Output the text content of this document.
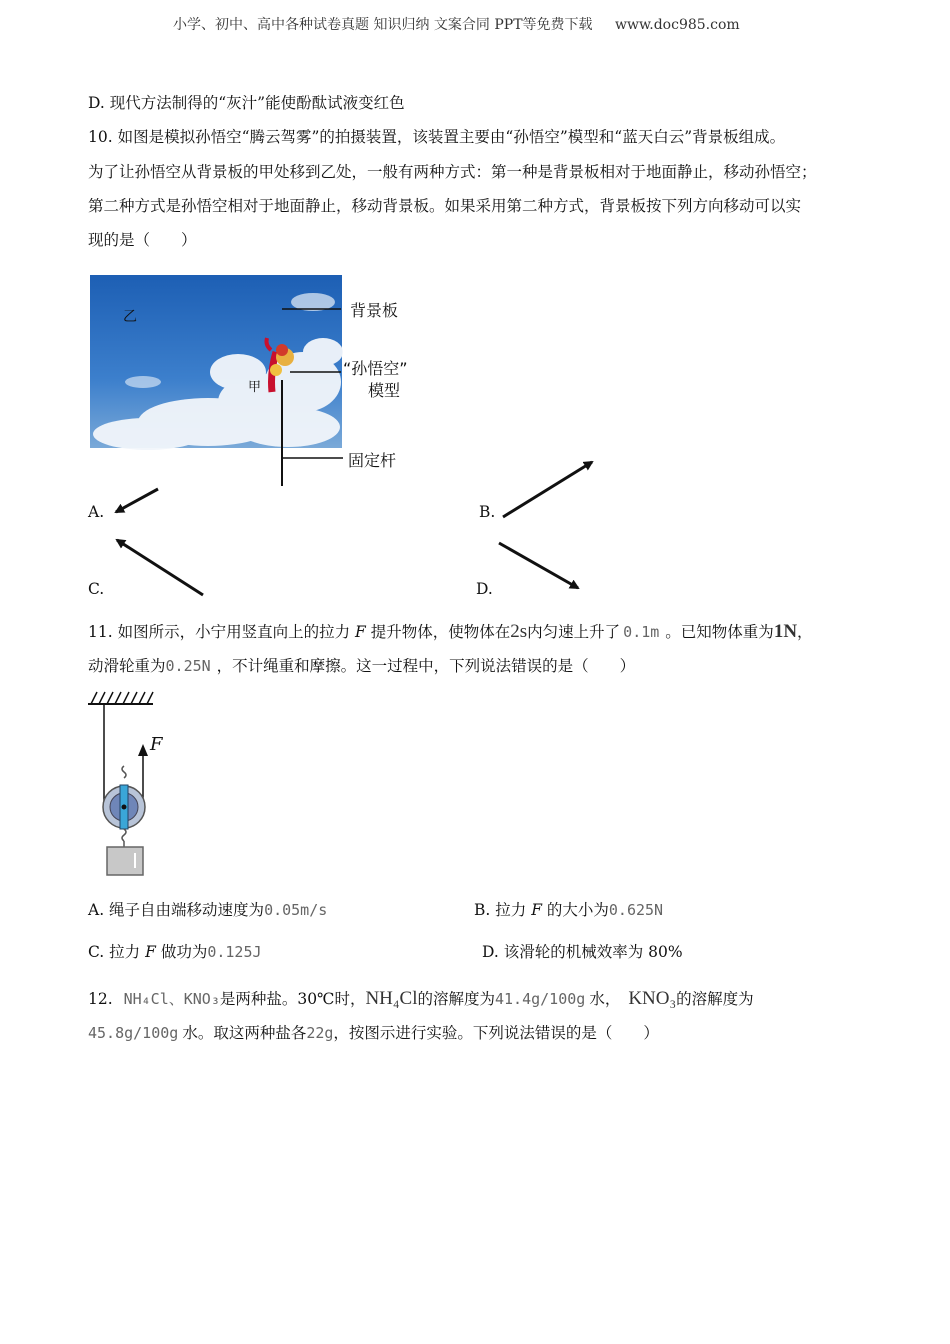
小学、初中、高中各种试卷真题 知识归纳 文案合同 PPT等免费下载 www.doc985.com
D. 现代方法制得的“灰汁”能使酚酞试液变红色
10. 如图是模拟孙悟空“腾云驾雾”的拍摄装置，该装置主要由“孙悟空”模型和“蓝天白云”背景板组成。
为了让孙悟空从背景板的甲处移到乙处，一般有两种方式：第一种是背景板相对于地面静止，移动孙悟空；
第二种方式是孙悟空相对于地面静止，移动背景板。如果采用第二种方式，背景板按下列方向移动可以实
现的是（　　）
乙
甲
背景板
“孙悟空”
模型
固定杆
A.	B.
C.	D.
11. 如图所示，小宁用竖直向上的拉力 F 提升物体，使物体在2s内匀速上升了 0.1m 。已知物体重为1N，
动滑轮重为0.25N ，不计绳重和摩擦。这一过程中，下列说法错误的是（　　）
F
A. 绳子自由端移动速度为0.05m/s	B. 拉力 F 的大小为0.625N
C. 拉力 F 做功为0.125J	D. 该滑轮的机械效率为 80%
12. NH₄Cl、KNO₃是两种盐。30℃时，NH₄Cl的溶解度为41.4g/100g 水， KNO₃的溶解度为
45.8g/100g 水。取这两种盐各22g，按图示进行实验。下列说法错误的是（　　）
